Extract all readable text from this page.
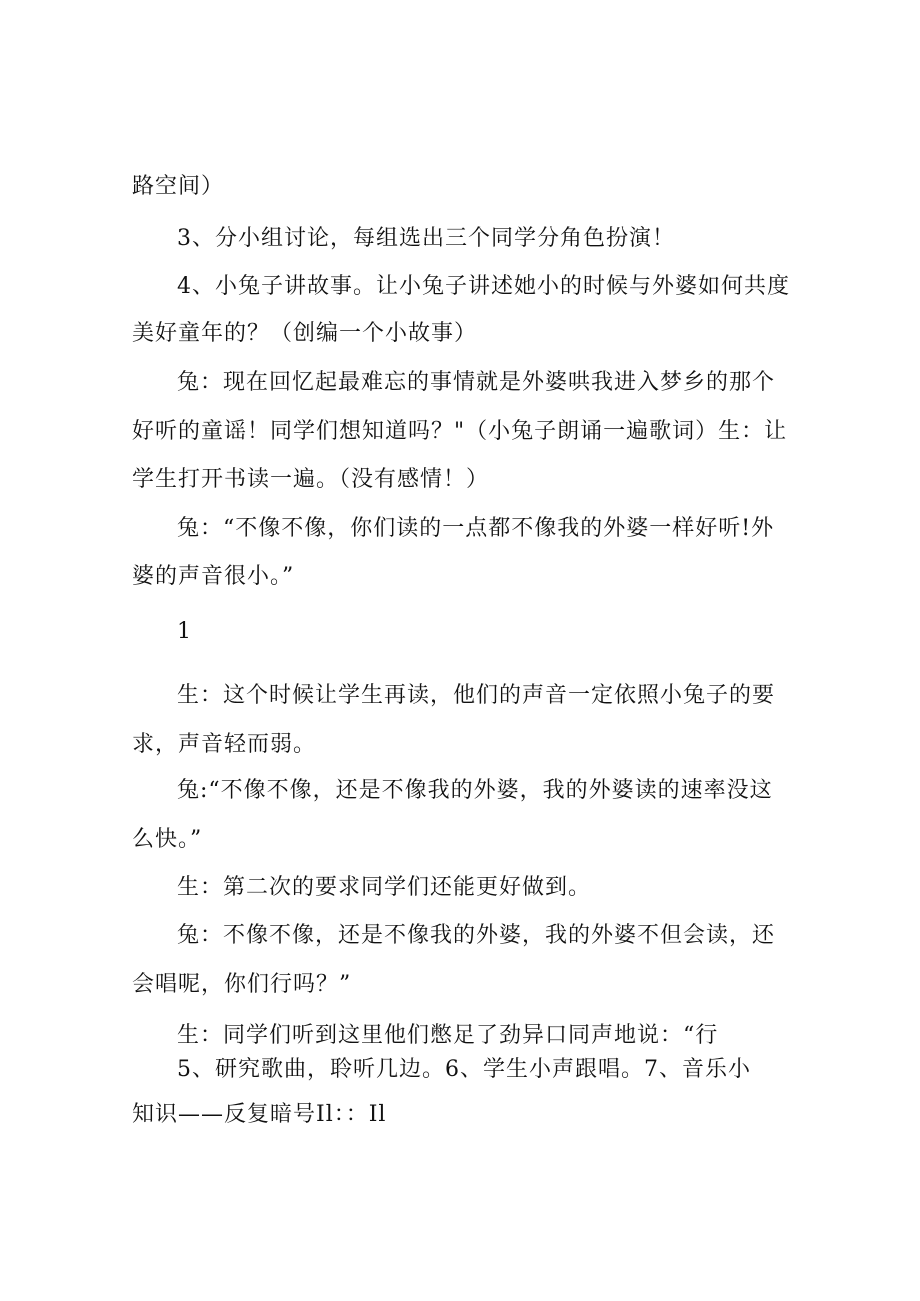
路空间）
3、分小组讨论，每组选出三个同学分角色扮演！
4、小兔子讲故事。让小兔子讲述她小的时候与外婆如何共度
美好童年的？（创编一个小故事）
兔：现在回忆起最难忘的事情就是外婆哄我进入梦乡的那个
好听的童谣！同学们想知道吗？"（小兔子朗诵一遍歌词）生：让
学生打开书读一遍。（没有感情！）
兔：“不像不像，你们读的一点都不像我的外婆一样好听!外
婆的声音很小。”
1
生：这个时候让学生再读，他们的声音一定依照小兔子的要
求，声音轻而弱。
兔:“不像不像，还是不像我的外婆，我的外婆读的速率没这
么快。”
生：第二次的要求同学们还能更好做到。
兔：不像不像，还是不像我的外婆，我的外婆不但会读，还
会唱呢，你们行吗？”
生：同学们听到这里他们憋足了劲异口同声地说：“行
5、研究歌曲，聆听几边。6、学生小声跟唱。7、音乐小
知识——反复暗号Il：：Il
